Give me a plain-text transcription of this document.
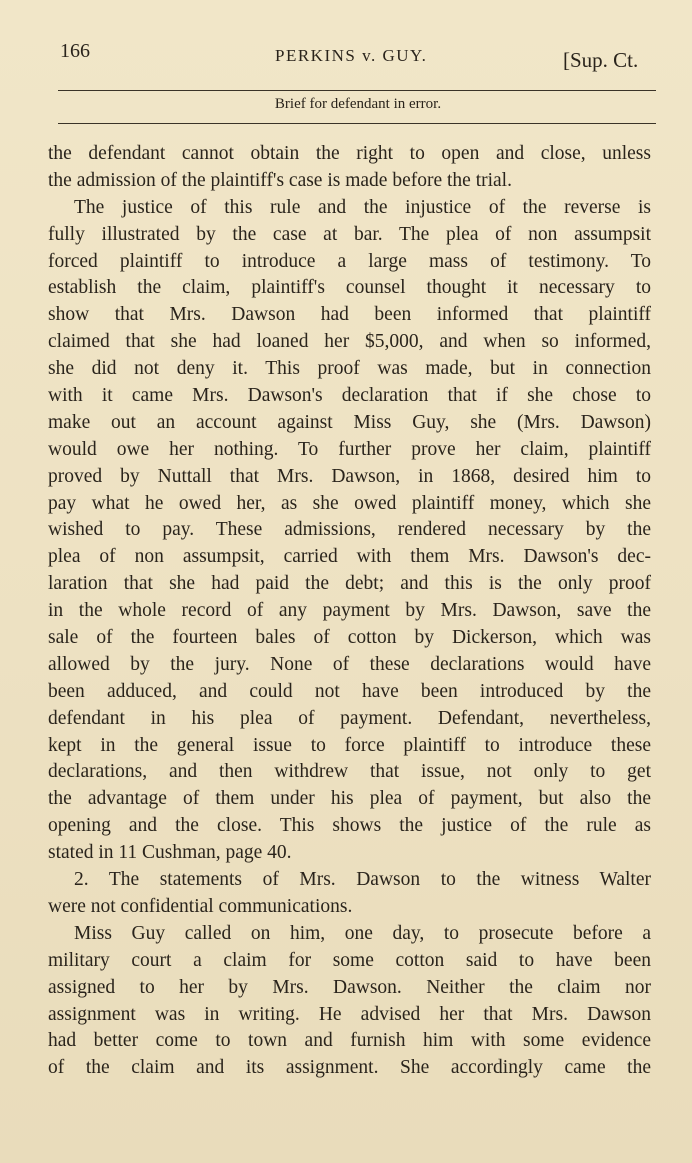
166	PERKINS v. GUY.	[Sup. Ct.
Brief for defendant in error.
the defendant cannot obtain the right to open and close, unless
the admission of the plaintiff's case is made before the trial.
The justice of this rule and the injustice of the reverse is
fully illustrated by the case at bar. The plea of non assumpsit
forced plaintiff to introduce a large mass of testimony. To
establish the claim, plaintiff's counsel thought it necessary to
show that Mrs. Dawson had been informed that plaintiff
claimed that she had loaned her $5,000, and when so informed,
she did not deny it. This proof was made, but in connection
with it came Mrs. Dawson's declaration that if she chose to
make out an account against Miss Guy, she (Mrs. Dawson)
would owe her nothing. To further prove her claim, plaintiff
proved by Nuttall that Mrs. Dawson, in 1868, desired him to
pay what he owed her, as she owed plaintiff money, which she
wished to pay. These admissions, rendered necessary by the
plea of non assumpsit, carried with them Mrs. Dawson's dec-
laration that she had paid the debt; and this is the only proof
in the whole record of any payment by Mrs. Dawson, save the
sale of the fourteen bales of cotton by Dickerson, which was
allowed by the jury. None of these declarations would have
been adduced, and could not have been introduced by the
defendant in his plea of payment. Defendant, nevertheless,
kept in the general issue to force plaintiff to introduce these
declarations, and then withdrew that issue, not only to get
the advantage of them under his plea of payment, but also the
opening and the close. This shows the justice of the rule as
stated in 11 Cushman, page 40.
2. The statements of Mrs. Dawson to the witness Walter
were not confidential communications.
Miss Guy called on him, one day, to prosecute before a
military court a claim for some cotton said to have been
assigned to her by Mrs. Dawson. Neither the claim nor
assignment was in writing. He advised her that Mrs. Dawson
had better come to town and furnish him with some evidence
of the claim and its assignment. She accordingly came the
